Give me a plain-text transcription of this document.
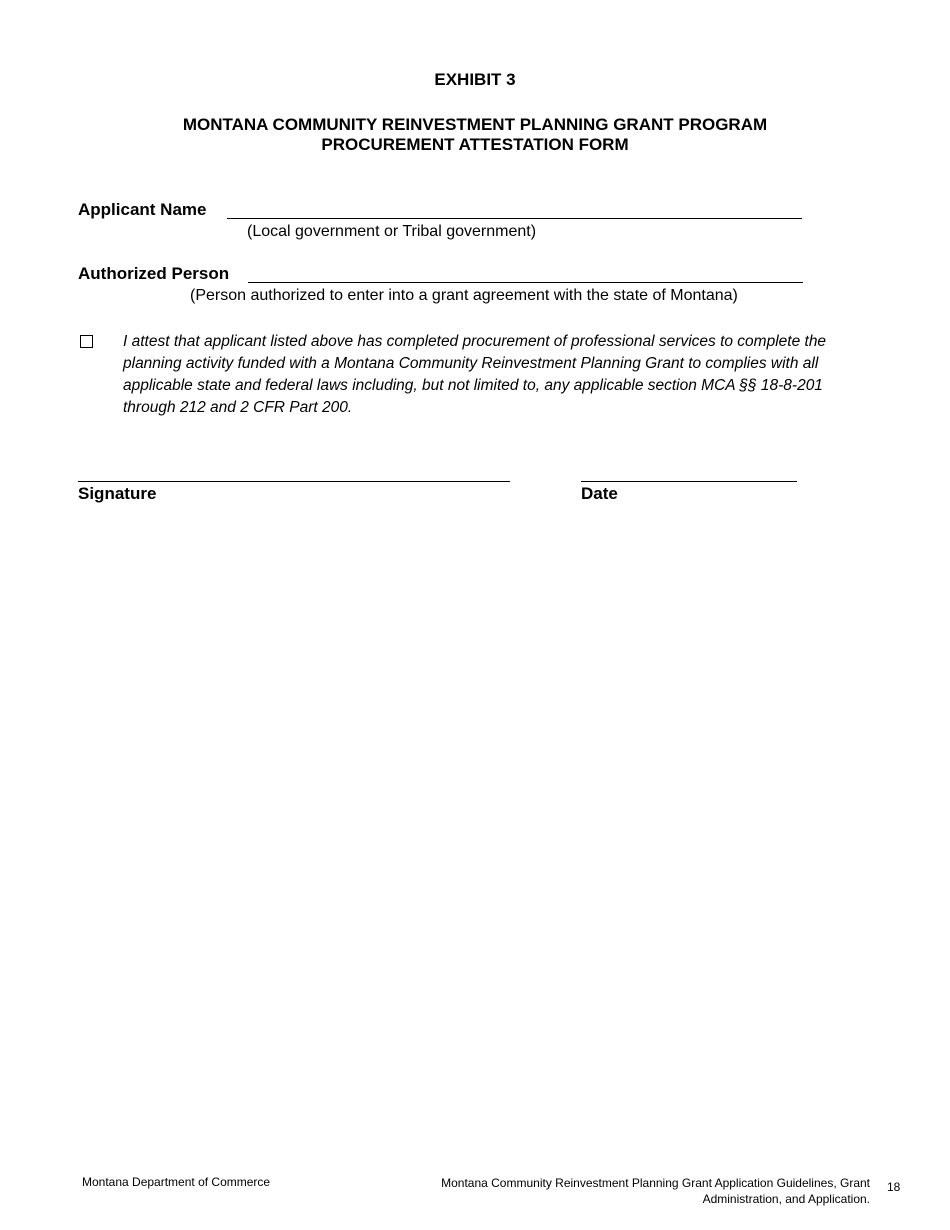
EXHIBIT 3
MONTANA COMMUNITY REINVESTMENT PLANNING GRANT PROGRAM
PROCUREMENT ATTESTATION FORM
Applicant Name
(Local government or Tribal government)
Authorized Person
(Person authorized to enter into a grant agreement with the state of Montana)
I attest that applicant listed above has completed procurement of professional services to complete the planning activity funded with a Montana Community Reinvestment Planning Grant to complies with all applicable state and federal laws including, but not limited to, any applicable section MCA §§ 18-8-201 through 212 and 2 CFR Part 200.
Signature	Date
Montana Department of Commerce	Montana Community Reinvestment Planning Grant Application Guidelines, Grant
Administration, and Application.
18
